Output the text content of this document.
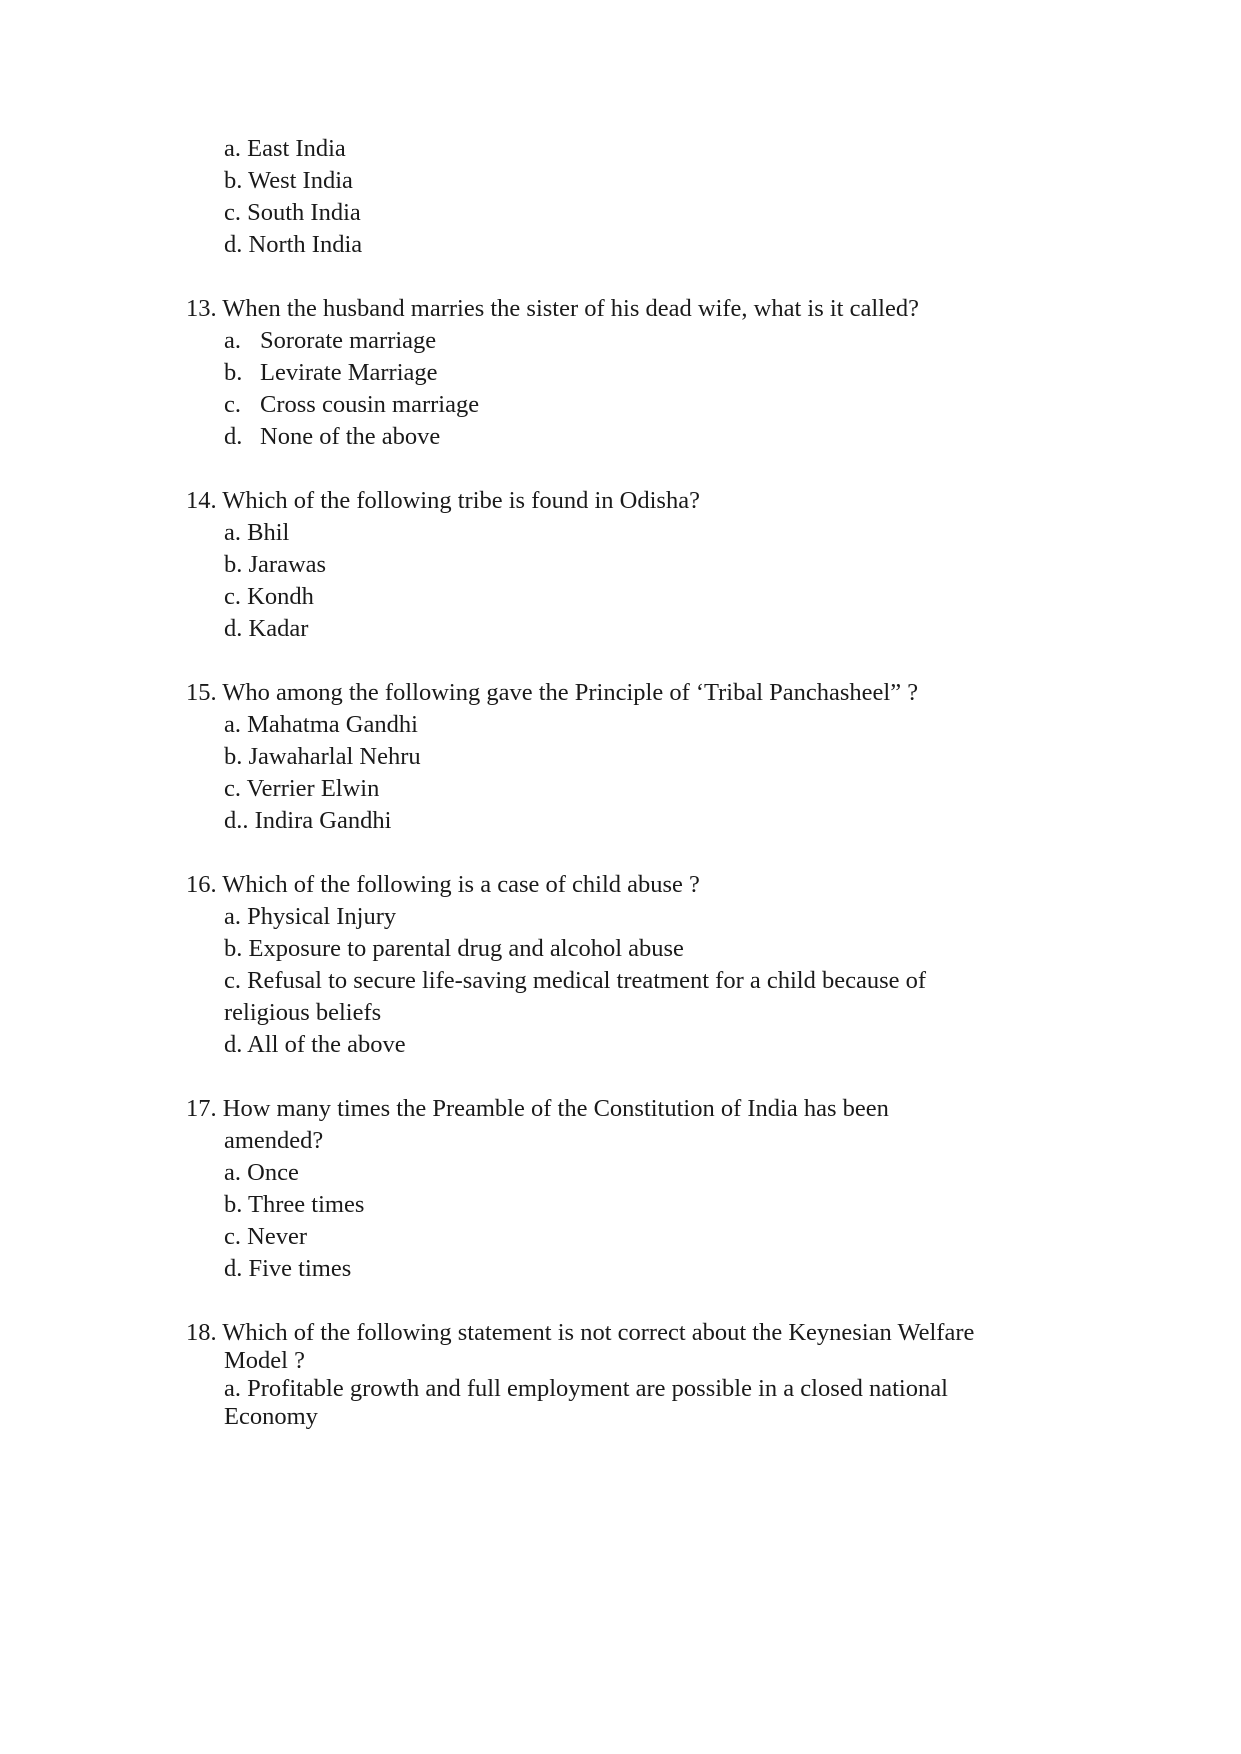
a. East India
b. West India
c. South India
d. North India
13. When the husband marries the sister of his dead wife, what is it called?
a. Sororate marriage
b. Levirate Marriage
c. Cross cousin marriage
d. None of the above
14. Which of the following tribe is found in Odisha?
a. Bhil
b. Jarawas
c. Kondh
d. Kadar
15. Who among the following gave the Principle of ‘Tribal Panchasheel” ?
a. Mahatma Gandhi
b. Jawaharlal Nehru
c. Verrier Elwin
d.. Indira Gandhi
16. Which of the following is a case of child abuse ?
a. Physical Injury
b. Exposure to parental drug and alcohol abuse
c. Refusal to secure life-saving medical treatment for a child because of
religious beliefs
d. All of the above
17. How many times the Preamble of the Constitution of India has been
amended?
a. Once
b. Three times
c. Never
d. Five times
18. Which of the following statement is not correct about the Keynesian Welfare
Model ?
a. Profitable growth and full employment are possible in a closed national
Economy
